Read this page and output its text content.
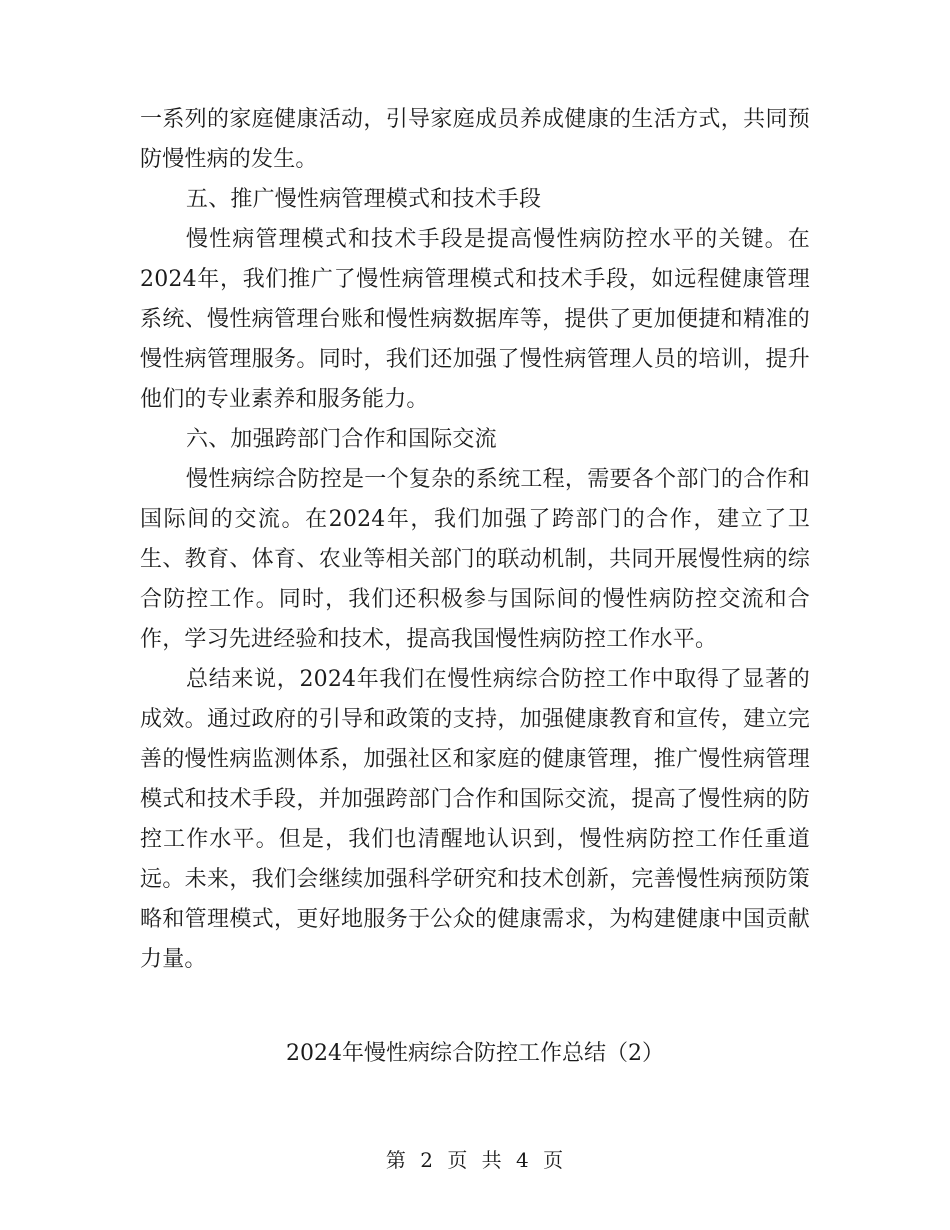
一系列的家庭健康活动，引导家庭成员养成健康的生活方式，共同预防慢性病的发生。

五、推广慢性病管理模式和技术手段

慢性病管理模式和技术手段是提高慢性病防控水平的关键。在2024年，我们推广了慢性病管理模式和技术手段，如远程健康管理系统、慢性病管理台账和慢性病数据库等，提供了更加便捷和精准的慢性病管理服务。同时，我们还加强了慢性病管理人员的培训，提升他们的专业素养和服务能力。

六、加强跨部门合作和国际交流

慢性病综合防控是一个复杂的系统工程，需要各个部门的合作和国际间的交流。在2024年，我们加强了跨部门的合作，建立了卫生、教育、体育、农业等相关部门的联动机制，共同开展慢性病的综合防控工作。同时，我们还积极参与国际间的慢性病防控交流和合作，学习先进经验和技术，提高我国慢性病防控工作水平。

总结来说，2024年我们在慢性病综合防控工作中取得了显著的成效。通过政府的引导和政策的支持，加强健康教育和宣传，建立完善的慢性病监测体系，加强社区和家庭的健康管理，推广慢性病管理模式和技术手段，并加强跨部门合作和国际交流，提高了慢性病的防控工作水平。但是，我们也清醒地认识到，慢性病防控工作任重道远。未来，我们会继续加强科学研究和技术创新，完善慢性病预防策略和管理模式，更好地服务于公众的健康需求，为构建健康中国贡献力量。

2024年慢性病综合防控工作总结（2）

第 2 页 共 4 页
